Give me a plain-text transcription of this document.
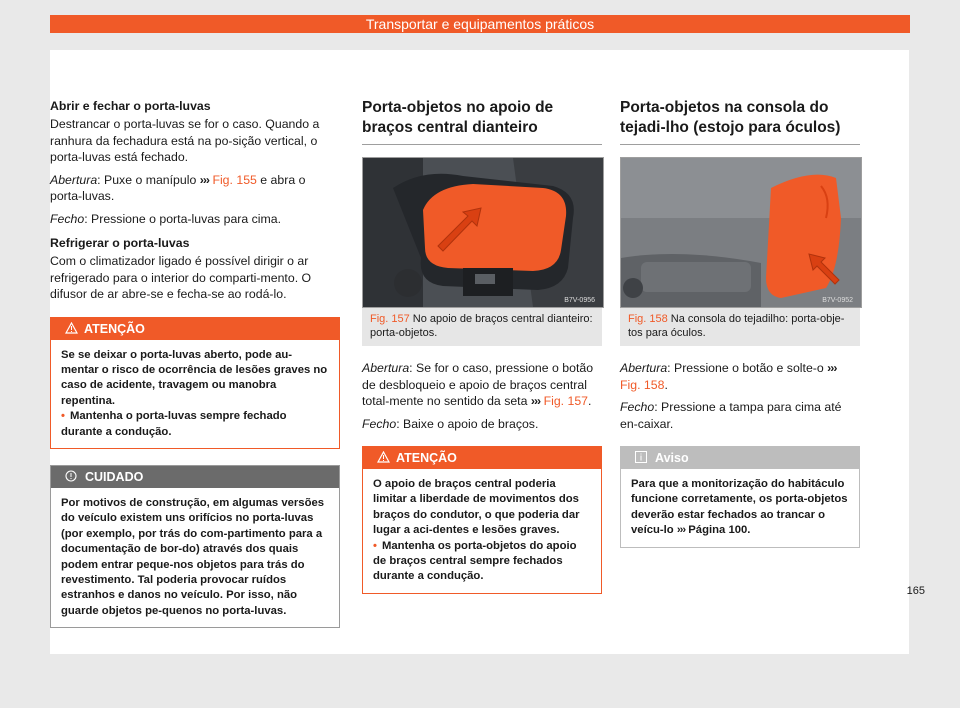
Transportar e equipamentos práticos
Abrir e fechar o porta-luvas

Destrancar o porta-luvas se for o caso. Quando a ranhura da fechadura está na po-sição vertical, o porta-luvas está fechado.

Abertura: Puxe o manípulo ››› Fig. 155 e abra o porta-luvas.

Fecho: Pressione o porta-luvas para cima.

Refrigerar o porta-luvas

Com o climatizador ligado é possível dirigir o ar refrigerado para o interior do comparti-mento. O difusor de ar abre-se e fecha-se ao rodá-lo.

ATENÇÃO
Se se deixar o porta-luvas aberto, pode au-mentar o risco de ocorrência de lesões graves no caso de acidente, travagem ou manobra repentina.
• Mantenha o porta-luvas sempre fechado durante a condução.
CUIDADO
Por motivos de construção, em algumas versões do veículo existem uns orifícios no porta-luvas (por exemplo, por trás do com-partimento para a documentação de bor-do) através dos quais podem entrar peque-nos objetos para trás do revestimento. Tal poderia provocar ruídos estranhos e danos no veículo. Por isso, não guarde objetos pe-quenos no porta-luvas.
Porta-objetos no apoio de braços central dianteiro
B7V-0956
Fig. 157 No apoio de braços central dianteiro: porta-objetos.

Abertura: Se for o caso, pressione o botão de desbloqueio e apoio de braços central total-mente no sentido da seta ››› Fig. 157.

Fecho: Baixe o apoio de braços.

ATENÇÃO
O apoio de braços central poderia limitar a liberdade de movimentos dos braços do condutor, o que poderia dar lugar a aci-dentes e lesões graves.
• Mantenha os porta-objetos do apoio de braços central sempre fechados durante a condução.
Porta-objetos na consola do tejadi-lho (estojo para óculos)
B7V-0952
Fig. 158 Na consola do tejadilho: porta-obje-tos para óculos.

Abertura: Pressione o botão e solte-o ››› Fig. 158.

Fecho: Pressione a tampa para cima até en-caixar.

Aviso
Para que a monitorização do habitáculo funcione corretamente, os porta-objetos deverão estar fechados ao trancar o veícu-lo ››› Página 100.
165
